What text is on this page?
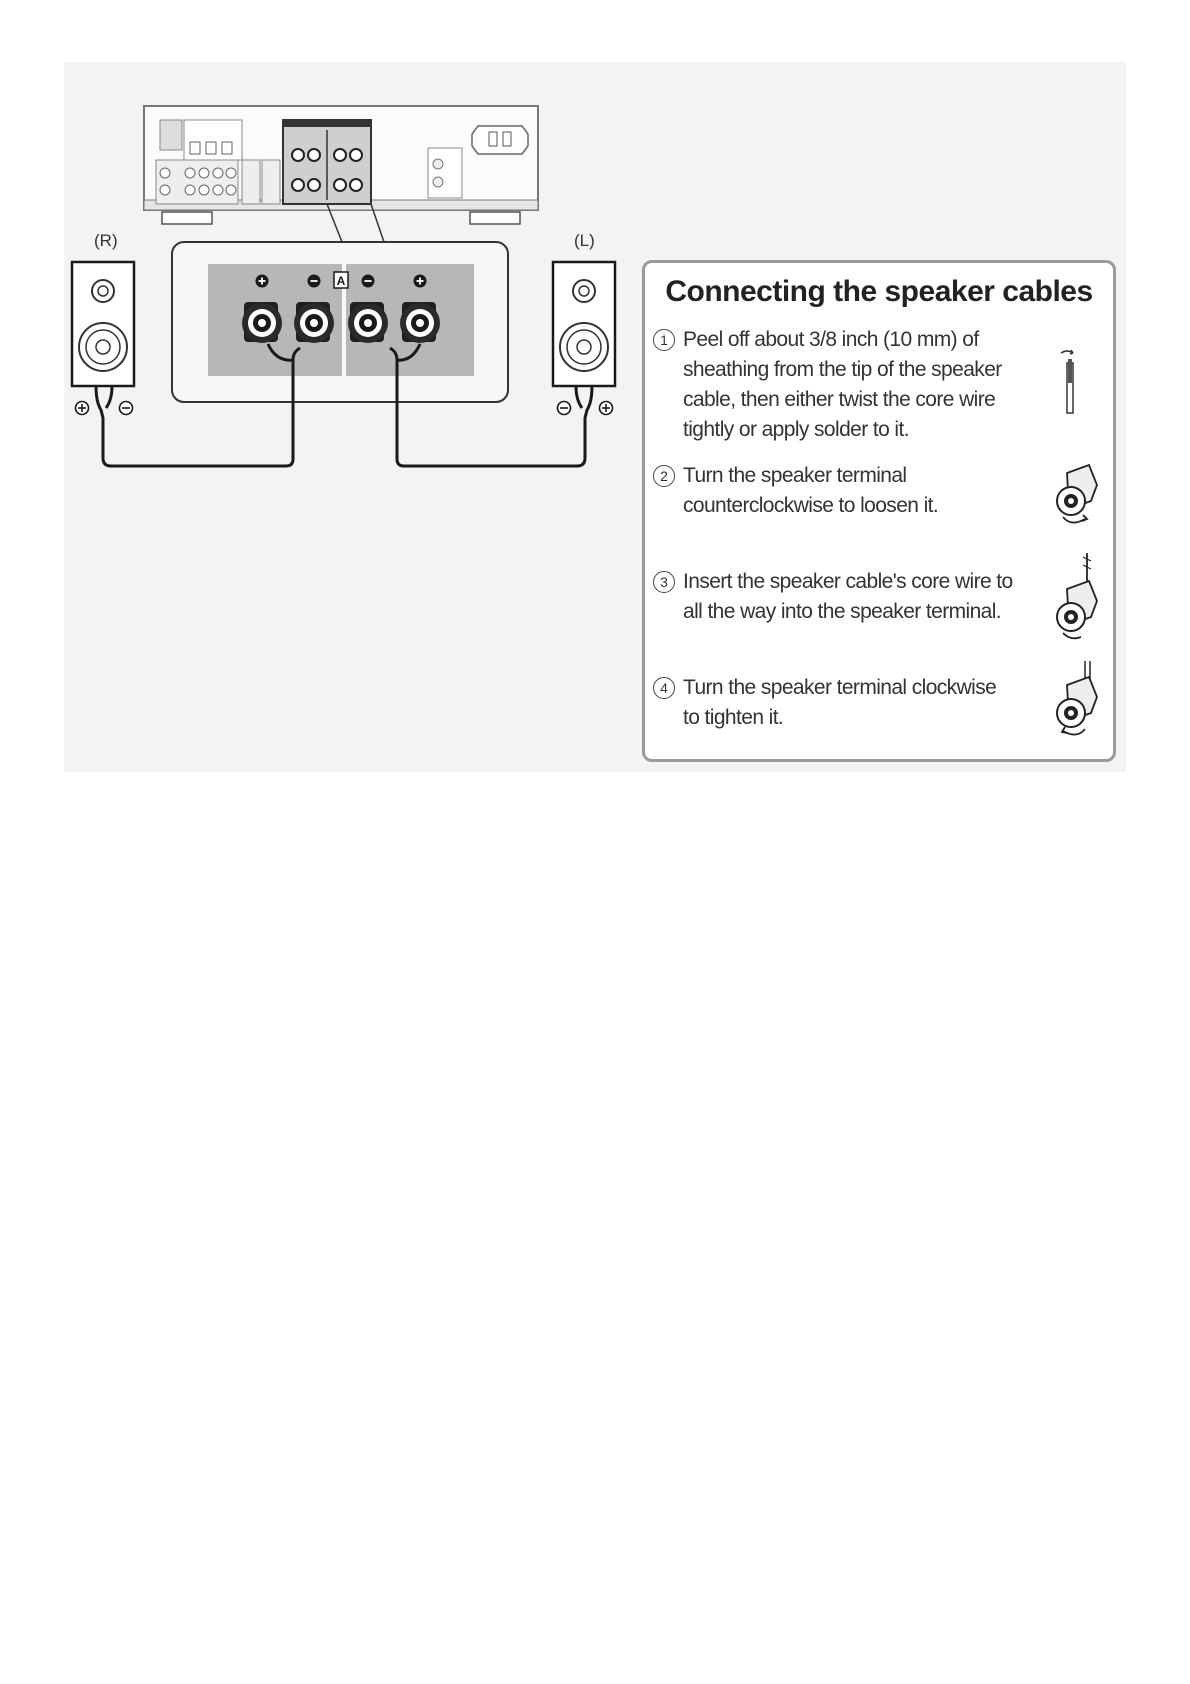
A
(R)	(L)
Connecting the speaker cables
1 Peel off about 3/8 inch (10 mm) of sheathing from the tip of the speaker cable, then either twist the core wire tightly or apply solder to it.
2 Turn the speaker terminal counterclockwise to loosen it.
3 Insert the speaker cable's core wire to all the way into the speaker terminal.
4 Turn the speaker terminal clockwise to tighten it.
